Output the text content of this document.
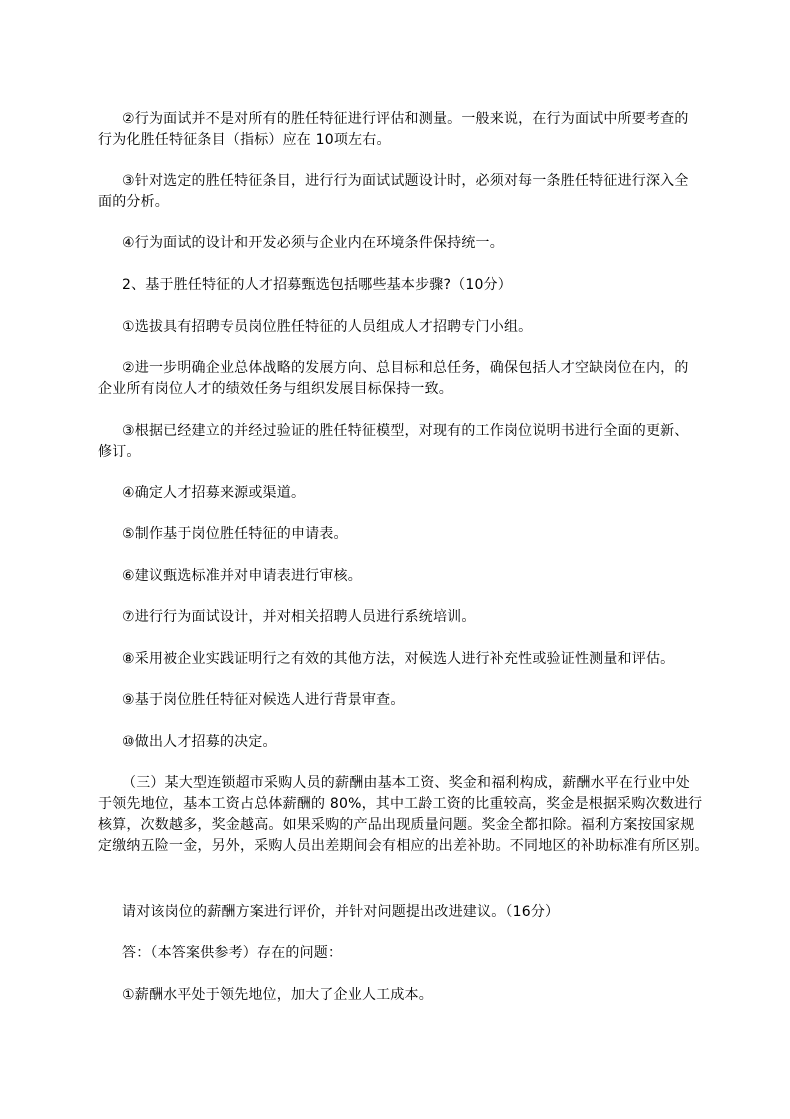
②行为面试并不是对所有的胜任特征进行评估和测量。一般来说，在行为面试中所要考查的
行为化胜任特征条目（指标）应在 10项左右。
③针对选定的胜任特征条目，进行行为面试试题设计时，必须对每一条胜任特征进行深入全
面的分析。
④行为面试的设计和开发必须与企业内在环境条件保持统一。
2、基于胜任特征的人才招募甄选包括哪些基本步骤?（10分）
①选拔具有招聘专员岗位胜任特征的人员组成人才招聘专门小组。
②进一步明确企业总体战略的发展方向、总目标和总任务，确保包括人才空缺岗位在内，的
企业所有岗位人才的绩效任务与组织发展目标保持一致。
③根据已经建立的并经过验证的胜任特征模型，对现有的工作岗位说明书进行全面的更新、
修订。
④确定人才招募来源或渠道。
⑤制作基于岗位胜任特征的申请表。
⑥建议甄选标准并对申请表进行审核。
⑦进行行为面试设计，并对相关招聘人员进行系统培训。
⑧采用被企业实践证明行之有效的其他方法，对候选人进行补充性或验证性测量和评估。
⑨基于岗位胜任特征对候选人进行背景审查。
⑩做出人才招募的决定。
（三）某大型连锁超市采购人员的薪酬由基本工资、奖金和福利构成，薪酬水平在行业中处
于领先地位，基本工资占总体薪酬的 80%，其中工龄工资的比重较高，奖金是根据采购次数进行
核算，次数越多，奖金越高。如果采购的产品出现质量问题。奖金全都扣除。福利方案按国家规
定缴纳五险一金，另外，采购人员出差期间会有相应的出差补助。不同地区的补助标准有所区别。
请对该岗位的薪酬方案进行评价，并针对问题提出改进建议。（16分）
答：（本答案供参考）存在的问题：
①薪酬水平处于领先地位，加大了企业人工成本。
